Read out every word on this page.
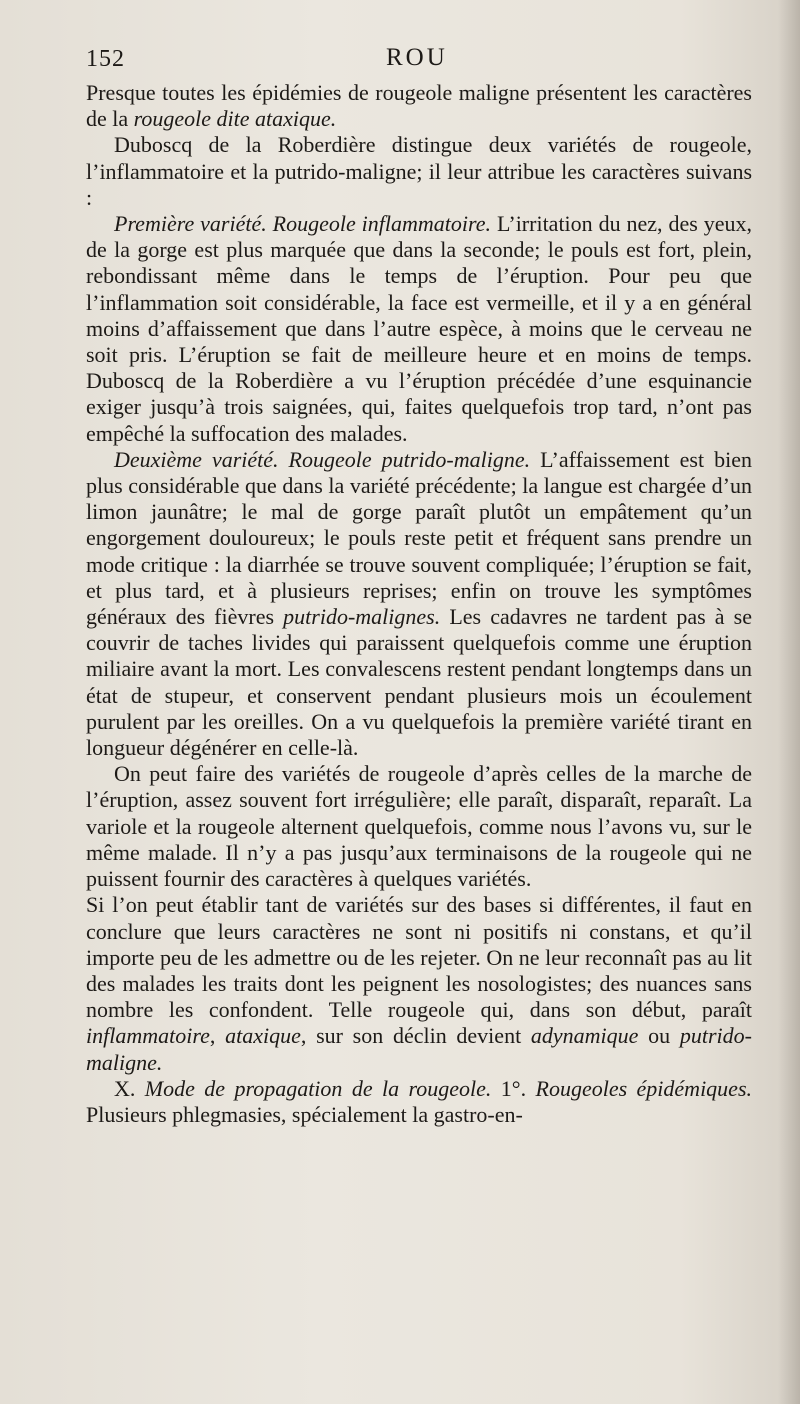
152	ROU

Presque toutes les épidémies de rougeole maligne présentent les caractères de la rougeole dite ataxique.

Duboscq de la Roberdière distingue deux variétés de rougeole, l’inflammatoire et la putrido-maligne; il leur attribue les caractères suivans :

Première variété. Rougeole inflammatoire. L’irritation du nez, des yeux, de la gorge est plus marquée que dans la seconde; le pouls est fort, plein, rebondissant même dans le temps de l’éruption. Pour peu que l’inflammation soit considérable, la face est vermeille, et il y a en général moins d’affaissement que dans l’autre espèce, à moins que le cerveau ne soit pris. L’éruption se fait de meilleure heure et en moins de temps. Duboscq de la Roberdière a vu l’éruption précédée d’une esquinancie exiger jusqu’à trois saignées, qui, faites quelquefois trop tard, n’ont pas empêché la suffocation des malades.

Deuxième variété. Rougeole putrido-maligne. L’affaissement est bien plus considérable que dans la variété précédente; la langue est chargée d’un limon jaunâtre; le mal de gorge paraît plutôt un empâtement qu’un engorgement douloureux; le pouls reste petit et fréquent sans prendre un mode critique : la diarrhée se trouve souvent compliquée; l’éruption se fait, et plus tard, et à plusieurs reprises; enfin on trouve les symptômes généraux des fièvres putrido-malignes. Les cadavres ne tardent pas à se couvrir de taches livides qui paraissent quelquefois comme une éruption miliaire avant la mort. Les convalescens restent pendant longtemps dans un état de stupeur, et conservent pendant plusieurs mois un écoulement purulent par les oreilles. On a vu quelquefois la première variété tirant en longueur dégénérer en celle-là.

On peut faire des variétés de rougeole d’après celles de la marche de l’éruption, assez souvent fort irrégulière; elle paraît, disparaît, reparaît. La variole et la rougeole alternent quelquefois, comme nous l’avons vu, sur le même malade. Il n’y a pas jusqu’aux terminaisons de la rougeole qui ne puissent fournir des caractères à quelques variétés.

Si l’on peut établir tant de variétés sur des bases si différentes, il faut en conclure que leurs caractères ne sont ni positifs ni constans, et qu’il importe peu de les admettre ou de les rejeter. On ne leur reconnaît pas au lit des malades les traits dont les peignent les nosologistes; des nuances sans nombre les confondent. Telle rougeole qui, dans son début, paraît inflammatoire, ataxique, sur son déclin devient adynamique ou putrido-maligne.

X. Mode de propagation de la rougeole. 1°. Rougeoles épidémiques. Plusieurs phlegmasies, spécialement la gastro-en-
